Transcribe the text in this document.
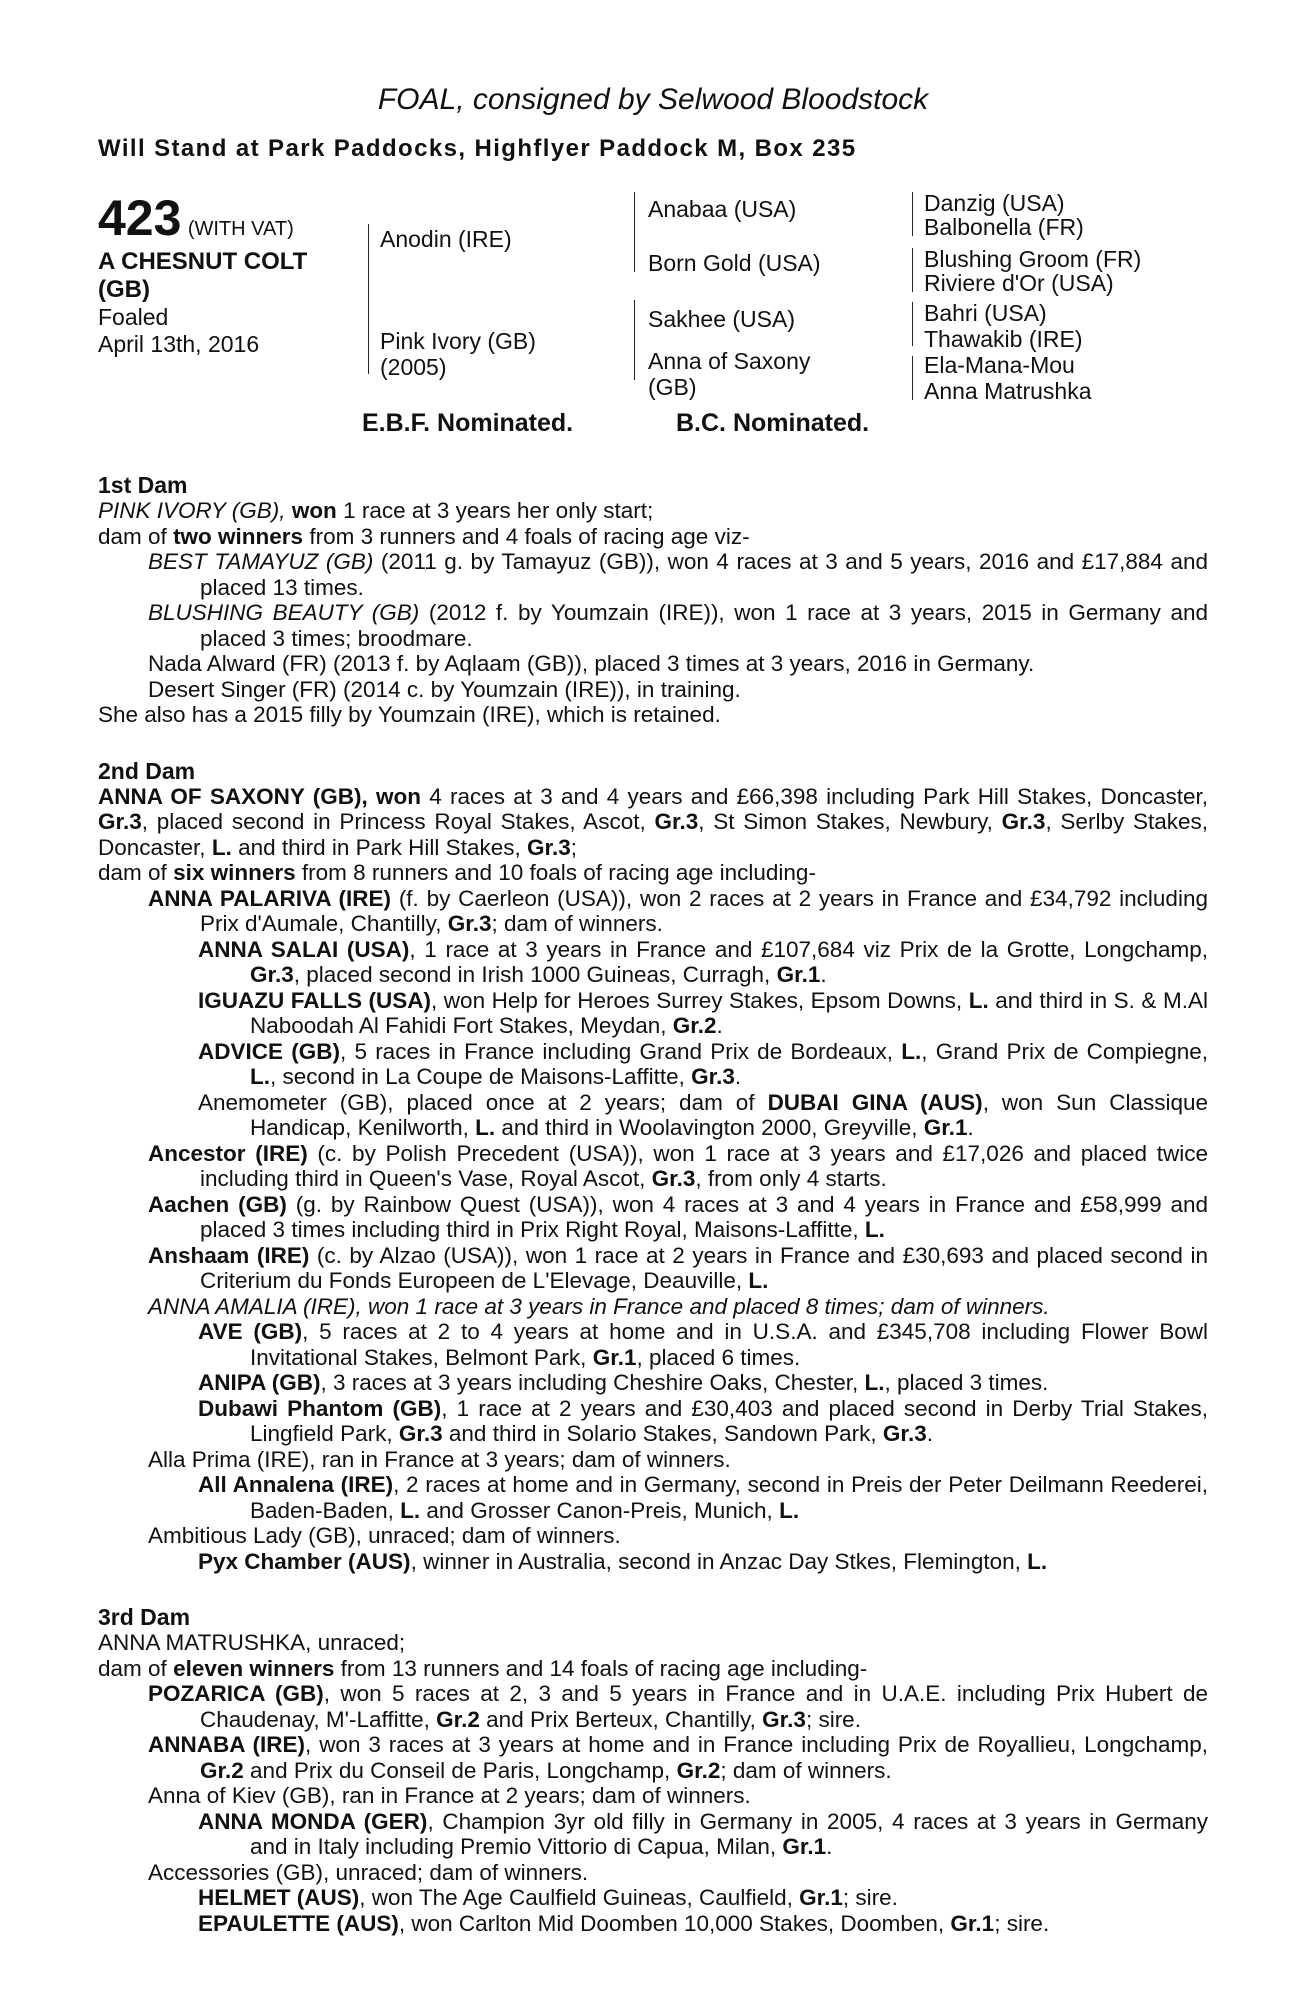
FOAL, consigned by Selwood Bloodstock

Will Stand at Park Paddocks, Highflyer Paddock M, Box 235
423 (WITH VAT)
A CHESNUT COLT
(GB)
Foaled
April 13th, 2016
Anodin (IRE)
Pink Ivory (GB)
(2005)
Anabaa (USA)
Born Gold (USA)
Sakhee (USA)
Anna of Saxony
(GB)
Danzig (USA)
Balbonella (FR)
Blushing Groom (FR)
Riviere d'Or (USA)
Bahri (USA)
Thawakib (IRE)
Ela-Mana-Mou
Anna Matrushka
E.B.F. Nominated.	B.C. Nominated.
1st Dam

PINK IVORY (GB), won 1 race at 3 years her only start;

dam of two winners from 3 runners and 4 foals of racing age viz-

BEST TAMAYUZ (GB) (2011 g. by Tamayuz (GB)), won 4 races at 3 and 5 years, 2016 and £17,884 and placed 13 times.

BLUSHING BEAUTY (GB) (2012 f. by Youmzain (IRE)), won 1 race at 3 years, 2015 in Germany and placed 3 times; broodmare.

Nada Alward (FR) (2013 f. by Aqlaam (GB)), placed 3 times at 3 years, 2016 in Germany.

Desert Singer (FR) (2014 c. by Youmzain (IRE)), in training.

She also has a 2015 filly by Youmzain (IRE), which is retained.

2nd Dam

ANNA OF SAXONY (GB), won 4 races at 3 and 4 years and £66,398 including Park Hill Stakes, Doncaster, Gr.3, placed second in Princess Royal Stakes, Ascot, Gr.3, St Simon Stakes, Newbury, Gr.3, Serlby Stakes, Doncaster, L. and third in Park Hill Stakes, Gr.3;

dam of six winners from 8 runners and 10 foals of racing age including-

ANNA PALARIVA (IRE) (f. by Caerleon (USA)), won 2 races at 2 years in France and £34,792 including Prix d'Aumale, Chantilly, Gr.3; dam of winners.

ANNA SALAI (USA), 1 race at 3 years in France and £107,684 viz Prix de la Grotte, Longchamp, Gr.3, placed second in Irish 1000 Guineas, Curragh, Gr.1.

IGUAZU FALLS (USA), won Help for Heroes Surrey Stakes, Epsom Downs, L. and third in S. & M.Al Naboodah Al Fahidi Fort Stakes, Meydan, Gr.2.

ADVICE (GB), 5 races in France including Grand Prix de Bordeaux, L., Grand Prix de Compiegne, L., second in La Coupe de Maisons-Laffitte, Gr.3.

Anemometer (GB), placed once at 2 years; dam of DUBAI GINA (AUS), won Sun Classique Handicap, Kenilworth, L. and third in Woolavington 2000, Greyville, Gr.1.

Ancestor (IRE) (c. by Polish Precedent (USA)), won 1 race at 3 years and £17,026 and placed twice including third in Queen's Vase, Royal Ascot, Gr.3, from only 4 starts.

Aachen (GB) (g. by Rainbow Quest (USA)), won 4 races at 3 and 4 years in France and £58,999 and placed 3 times including third in Prix Right Royal, Maisons-Laffitte, L.

Anshaam (IRE) (c. by Alzao (USA)), won 1 race at 2 years in France and £30,693 and placed second in Criterium du Fonds Europeen de L'Elevage, Deauville, L.

ANNA AMALIA (IRE), won 1 race at 3 years in France and placed 8 times; dam of winners.

AVE (GB), 5 races at 2 to 4 years at home and in U.S.A. and £345,708 including Flower Bowl Invitational Stakes, Belmont Park, Gr.1, placed 6 times.

ANIPA (GB), 3 races at 3 years including Cheshire Oaks, Chester, L., placed 3 times.

Dubawi Phantom (GB), 1 race at 2 years and £30,403 and placed second in Derby Trial Stakes, Lingfield Park, Gr.3 and third in Solario Stakes, Sandown Park, Gr.3.

Alla Prima (IRE), ran in France at 3 years; dam of winners.

All Annalena (IRE), 2 races at home and in Germany, second in Preis der Peter Deilmann Reederei, Baden-Baden, L. and Grosser Canon-Preis, Munich, L.

Ambitious Lady (GB), unraced; dam of winners.

Pyx Chamber (AUS), winner in Australia, second in Anzac Day Stkes, Flemington, L.

3rd Dam

ANNA MATRUSHKA, unraced;

dam of eleven winners from 13 runners and 14 foals of racing age including-

POZARICA (GB), won 5 races at 2, 3 and 5 years in France and in U.A.E. including Prix Hubert de Chaudenay, M'-Laffitte, Gr.2 and Prix Berteux, Chantilly, Gr.3; sire.

ANNABA (IRE), won 3 races at 3 years at home and in France including Prix de Royallieu, Longchamp, Gr.2 and Prix du Conseil de Paris, Longchamp, Gr.2; dam of winners.

Anna of Kiev (GB), ran in France at 2 years; dam of winners.

ANNA MONDA (GER), Champion 3yr old filly in Germany in 2005, 4 races at 3 years in Germany and in Italy including Premio Vittorio di Capua, Milan, Gr.1.

Accessories (GB), unraced; dam of winners.

HELMET (AUS), won The Age Caulfield Guineas, Caulfield, Gr.1; sire.

EPAULETTE (AUS), won Carlton Mid Doomben 10,000 Stakes, Doomben, Gr.1; sire.
